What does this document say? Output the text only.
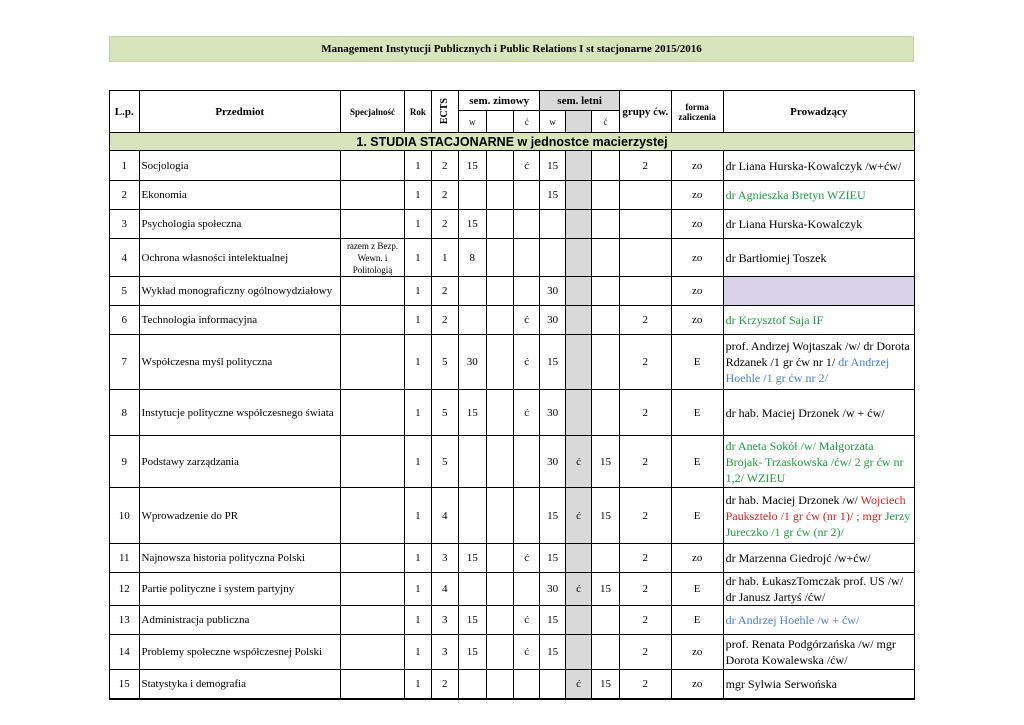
Management Instytucji Publicznych i Public Relations I st stacjonarne 2015/2016
L.p.	Przedmiot	Specjalność	Rok	ECTS	sem. zimowy			sem. letni			grupy ćw.	forma zaliczenia	Prowadzący
					w		ć	w		ć			
1. STUDIA STACJONARNE w jednostce macierzystej													
1	Socjologia		1	2	15		ć	15			2	zo	dr Liana Hurska-Kowalczyk /w+ćw/
2	Ekonomia		1	2				15				zo	dr Agnieszka Bretyn WZIEU
3	Psychologia społeczna		1	2	15							zo	dr Liana Hurska-Kowalczyk
4	Ochrona własności intelektualnej	razem z Bezp. Wewn. i Politologią	1	1	8							zo	dr Bartłomiej Toszek
5	Wykład monograficzny ogólnowydziałowy		1	2				30				zo	
6	Technologia informacyjna		1	2			ć	30			2	zo	dr Krzysztof Saja IF
7	Współczesna myśl polityczna		1	5	30		ć	15			2	E	prof. Andrzej Wojtaszak /w/ dr Dorota Rdzanek /1 gr ćw nr 1/ dr Andrzej Hoehle /1 gr ćw nr 2/
8	Instytucje polityczne współczesnego świata		1	5	15		ć	30			2	E	dr hab. Maciej Drzonek /w + ćw/
9	Podstawy zarządzania		1	5				30	ć	15	2	E	dr Aneta Sokół /w/ Małgorzata Brojak- Trzaskowska /ćw/ 2 gr ćw nr 1,2/ WZIEU
10	Wprowadzenie do PR		1	4				15	ć	15	2	E	dr hab. Maciej Drzonek /w/ Wojciech Paukszteło /1 gr ćw (nr 1)/ ; mgr Jerzy Jureczko /1 gr ćw (nr 2)/
11	Najnowsza historia polityczna Polski		1	3	15		ć	15			2	zo	dr Marzenna Giedrojć /w+ćw/
12	Partie polityczne i system partyjny		1	4				30	ć	15	2	E	dr hab. ŁukaszTomczak prof. US /w/ dr Janusz Jartyś /ćw/
13	Administracja publiczna		1	3	15		ć	15			2	E	dr Andrzej Hoehle /w + ćw/
14	Problemy społeczne współczesnej Polski		1	3	15		ć	15			2	zo	prof. Renata Podgórzańska /w/ mgr Dorota Kowalewska /ćw/
15	Statystyka i demografia		1	2					ć	15	2	zo	mgr Sylwia Serwońska
